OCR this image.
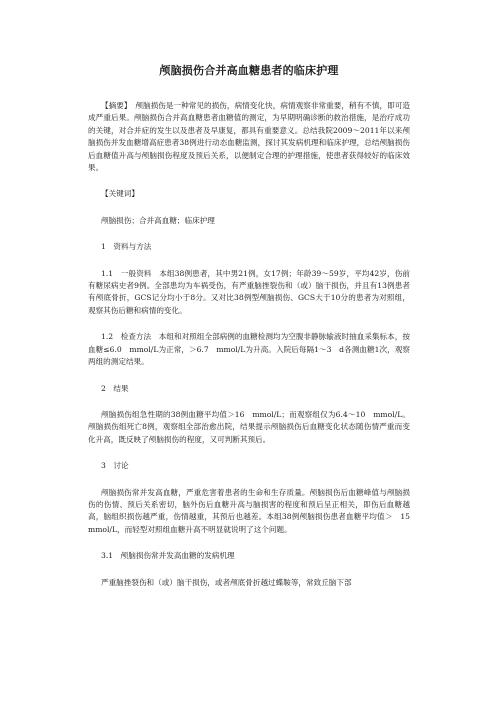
颅脑损伤合并高血糖患者的临床护理

【摘要】　颅脑损伤是一种常见的损伤，病情变化快，病情观察非常重要，稍有不慎，即可造成严重后果。颅脑损伤合并高血糖患者血糖值的测定，为早期明确诊断的救治措施，是治疗成功的关键，对合并症的发生以及患者及早康复，都具有重要意义。总结我院2009～2011年以来颅脑损伤并发血糖增高症患者38例进行动态血糖监测，探讨其发病机理和临床护理，总结颅脑损伤后血糖值升高与颅脑损伤程度及预后关系，以便制定合理的护理措施，使患者获得较好的临床效果。

【关键词】

颅脑损伤；合并高血糖；临床护理

1　资料与方法

1.1　一般资料　本组38例患者，其中男21例，女17例；年龄39～59岁，平均42岁，伤前有糖尿病史者9例。全部患均为车祸受伤，有严重脑挫裂伤和（或）脑干损伤，并且有13例患者有颅底骨折，GCS记分均小于8分。又对比38例型颅脑损伤、GCS大于10分的患者为对照组，观察其伤后糖和病情的变化。

1.2　检查方法　本组和对照组全部病例的血糖检测均为空腹非静脉输液时抽血采集标本，按血糖≤6.0　mmol/L为正常，＞6.7　mmol/L为升高。入院后每隔1～3　d各测血糖1次，观察两组的测定结果。

2　结果

颅脑损伤组急性期的38例血糖平均值＞16　mmol/L；而观察组仅为6.4～10　mmol/L。颅脑损伤组死亡8例，观察组全部治愈出院，结果提示颅脑损伤后血糖变化状态随伤情严重而变化升高，既反映了颅脑损伤的程度，又可判断其预后。

3　讨论

颅脑损伤常并发高血糖，严重危害着患者的生命和生存质量。颅脑损伤后血糖峰值与颅脑损伤的伤情、预后关系密切，脑外伤后血糖升高与脑损害的程度和预后呈正相关，即伤后血糖越高，脑组织损伤越严重，伤情越重，其预后也越差。本组38例颅脑损伤患者血糖平均值＞　15　mmol/L，而轻型对照组血糖升高不明显就说明了这个问题。

3.1　颅脑损伤常并发高血糖的发病机理

严重脑挫裂伤和（或）脑干损伤，或者颅底骨折越过蝶鞍等，常致丘脑下部
